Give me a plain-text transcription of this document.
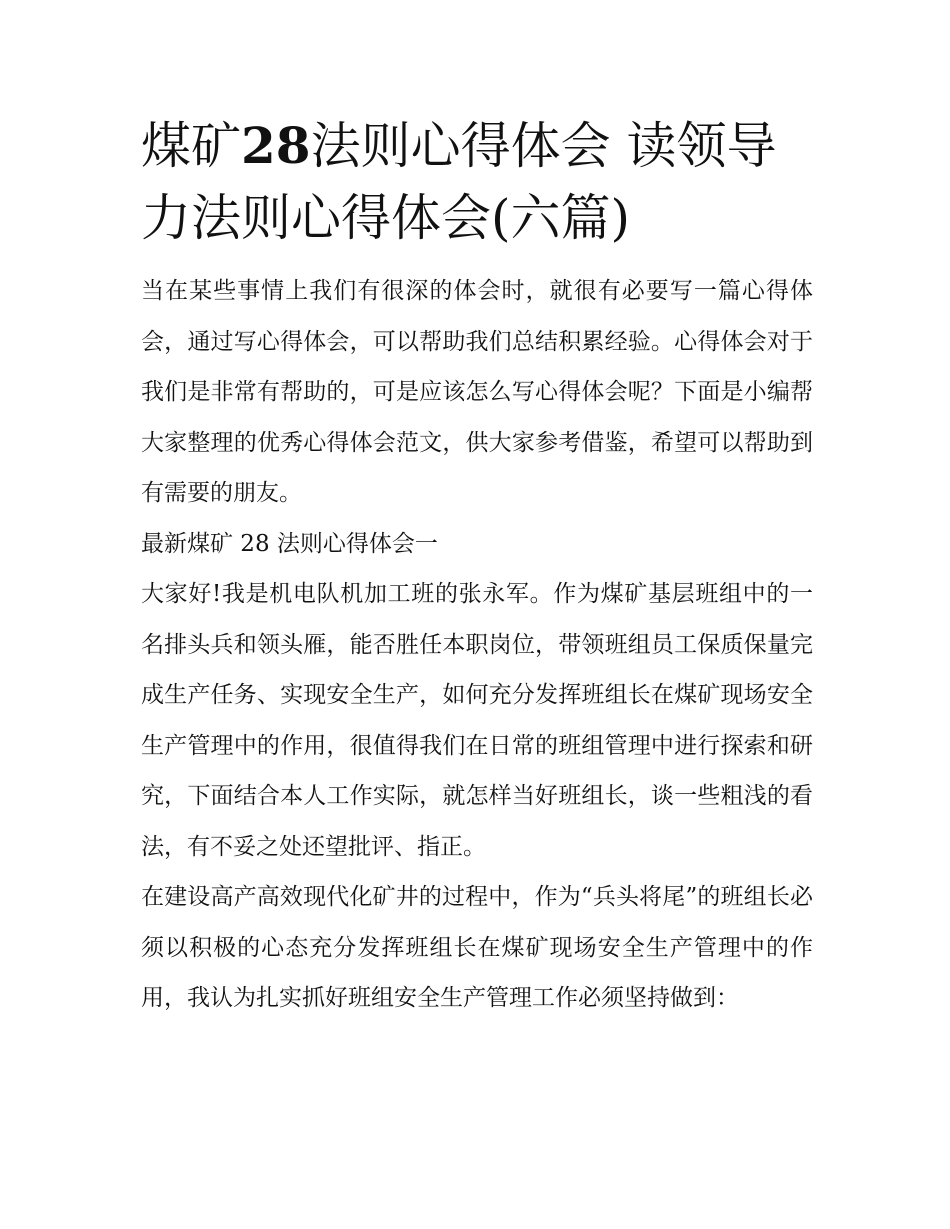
煤矿28法则心得体会 读领导力法则心得体会(六篇)

当在某些事情上我们有很深的体会时，就很有必要写一篇心得体会，通过写心得体会，可以帮助我们总结积累经验。心得体会对于我们是非常有帮助的，可是应该怎么写心得体会呢？下面是小编帮大家整理的优秀心得体会范文，供大家参考借鉴，希望可以帮助到有需要的朋友。

最新煤矿 28 法则心得体会一

大家好!我是机电队机加工班的张永军。作为煤矿基层班组中的一名排头兵和领头雁，能否胜任本职岗位，带领班组员工保质保量完成生产任务、实现安全生产，如何充分发挥班组长在煤矿现场安全生产管理中的作用，很值得我们在日常的班组管理中进行探索和研究，下面结合本人工作实际，就怎样当好班组长，谈一些粗浅的看法，有不妥之处还望批评、指正。

在建设高产高效现代化矿井的过程中，作为“兵头将尾”的班组长必须以积极的心态充分发挥班组长在煤矿现场安全生产管理中的作用，我认为扎实抓好班组安全生产管理工作必须坚持做到：
